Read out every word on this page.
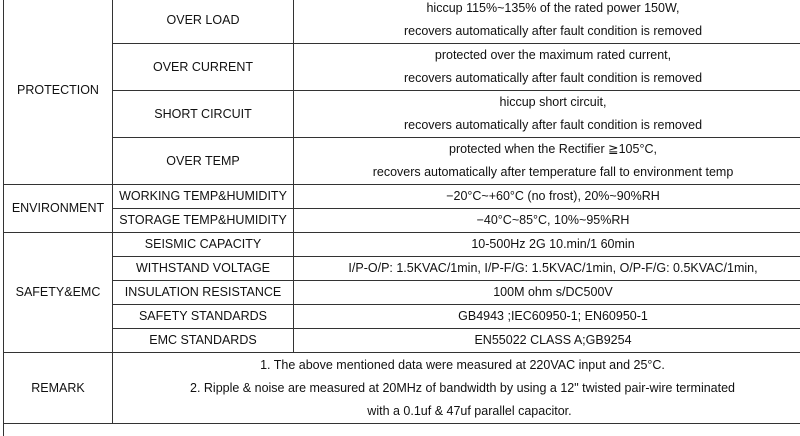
PROTECTION	OVER LOAD	hiccup 115%~135% of the rated power 150W,
recovers automatically after fault condition is removed

	OVER CURRENT	protected over the maximum rated current,
recovers automatically after fault condition is removed

	SHORT CIRCUIT	hiccup short circuit,
recovers automatically after fault condition is removed

	OVER TEMP	protected when the Rectifier ≧105°C,
recovers automatically after temperature fall to environment temp

ENVIRONMENT	WORKING TEMP&HUMIDITY	−20°C~+60°C (no frost), 20%~90%RH
	STORAGE TEMP&HUMIDITY	−40°C~85°C, 10%~95%RH
SAFETY&EMC	SEISMIC CAPACITY	10-500Hz 2G 10.min/1 60min
	WITHSTAND VOLTAGE	I/P-O/P: 1.5KVAC/1min, I/P-F/G: 1.5KVAC/1min, O/P-F/G: 0.5KVAC/1min,
	INSULATION RESISTANCE	100M ohm s/DC500V
	SAFETY STANDARDS	GB4943 ;IEC60950-1; EN60950-1
	EMC STANDARDS	EN55022 CLASS A;GB9254
REMARK	1. The above mentioned data were measured at 220VAC input and 25°C.
2. Ripple & noise are measured at 20MHz of bandwidth by using a 12" twisted pair-wire terminated
with a 0.1uf & 47uf parallel capacitor.	
